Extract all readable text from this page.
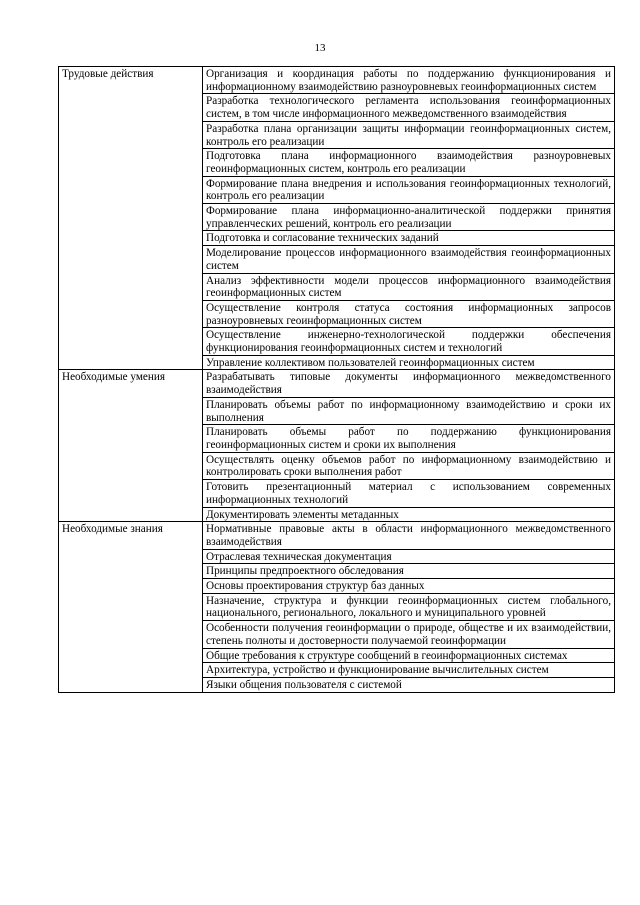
13
Трудовые действия	Организация и координация работы по поддержанию функционирования и информационному взаимодействию разноуровневых геоинформационных систем
	Разработка технологического регламента использования геоинформационных систем, в том числе информационного межведомственного взаимодействия
	Разработка плана организации защиты информации геоинформационных систем, контроль его реализации
	Подготовка плана информационного взаимодействия разноуровневых геоинформационных систем, контроль его реализации
	Формирование плана внедрения и использования геоинформационных технологий, контроль его реализации
	Формирование плана информационно-аналитической поддержки принятия управленческих решений, контроль его реализации
	Подготовка и согласование технических заданий
	Моделирование процессов информационного взаимодействия геоинформационных систем
	Анализ эффективности модели процессов информационного взаимодействия геоинформационных систем
	Осуществление контроля статуса состояния информационных запросов разноуровневых геоинформационных систем
	Осуществление инженерно-технологической поддержки обеспечения функционирования геоинформационных систем и технологий
	Управление коллективом пользователей геоинформационных систем
Необходимые умения	Разрабатывать типовые документы информационного межведомственного взаимодействия
	Планировать объемы работ по информационному взаимодействию и сроки их выполнения
	Планировать объемы работ по поддержанию функционирования геоинформационных систем и сроки их выполнения
	Осуществлять оценку объемов работ по информационному взаимодействию и контролировать сроки выполнения работ
	Готовить презентационный материал с использованием современных информационных технологий
	Документировать элементы метаданных
Необходимые знания	Нормативные правовые акты в области информационного межведомственного взаимодействия
	Отраслевая техническая документация
	Принципы предпроектного обследования
	Основы проектирования структур баз данных
	Назначение, структура и функции геоинформационных систем глобального, национального, регионального, локального и муниципального уровней
	Особенности получения геоинформации о природе, обществе и их взаимодействии, степень полноты и достоверности получаемой геоинформации
	Общие требования к структуре сообщений в геоинформационных системах
	Архитектура, устройство и функционирование вычислительных систем
	Языки общения пользователя с системой
